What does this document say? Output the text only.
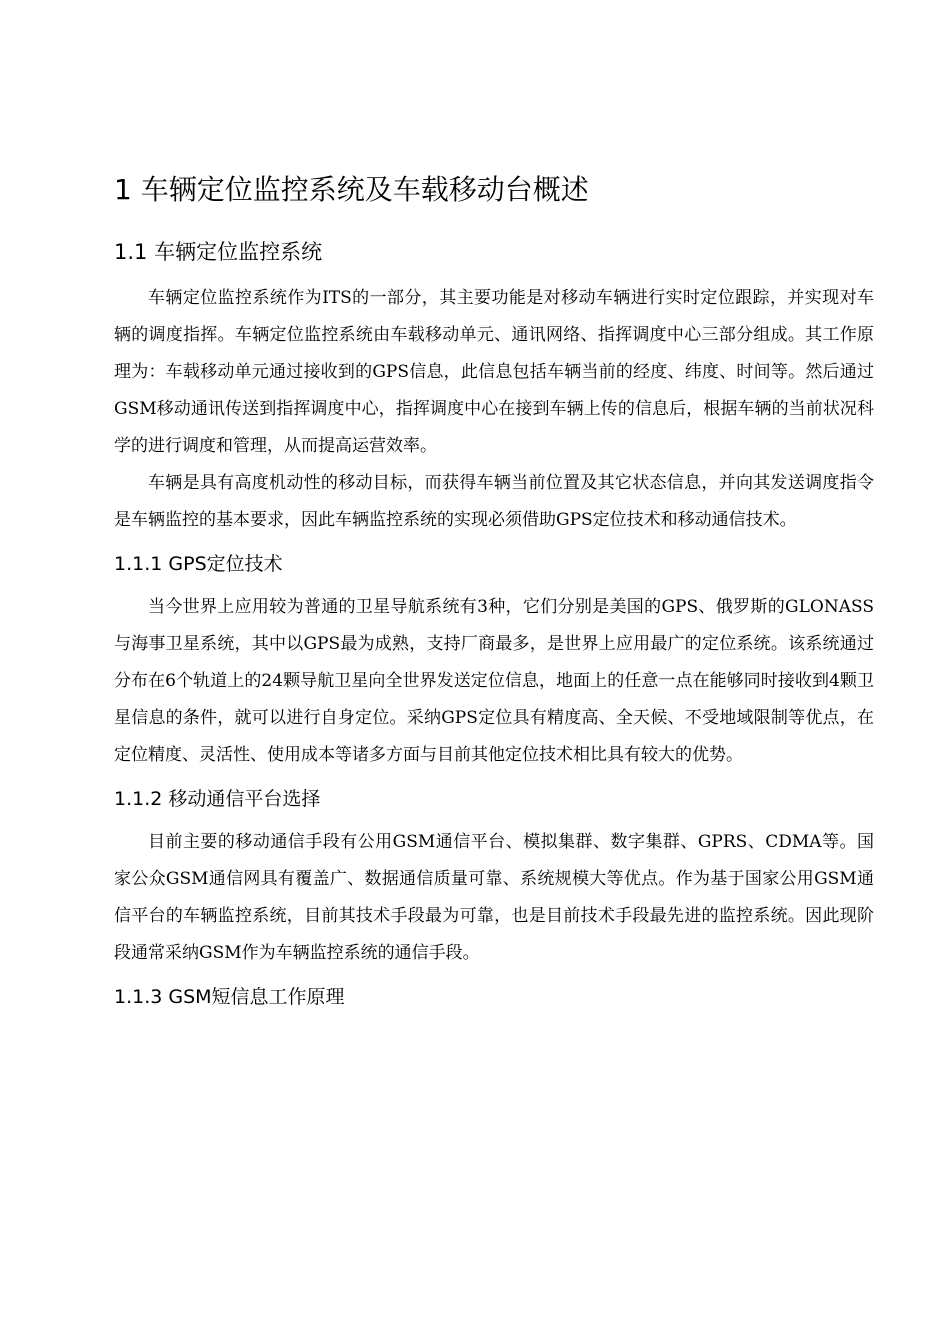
1 车辆定位监控系统及车载移动台概述
1.1 车辆定位监控系统

车辆定位监控系统作为ITS的一部分，其主要功能是对移动车辆进行实时定位跟踪，并实现对车辆的调度指挥。车辆定位监控系统由车载移动单元、通讯网络、指挥调度中心三部分组成。其工作原理为：车载移动单元通过接收到的GPS信息，此信息包括车辆当前的经度、纬度、时间等。然后通过GSM移动通讯传送到指挥调度中心，指挥调度中心在接到车辆上传的信息后，根据车辆的当前状况科学的进行调度和管理，从而提高运营效率。

车辆是具有高度机动性的移动目标，而获得车辆当前位置及其它状态信息，并向其发送调度指令是车辆监控的基本要求，因此车辆监控系统的实现必须借助GPS定位技术和移动通信技术。

1.1.1 GPS定位技术

当今世界上应用较为普通的卫星导航系统有3种，它们分别是美国的GPS、俄罗斯的GLONASS与海事卫星系统，其中以GPS最为成熟，支持厂商最多，是世界上应用最广的定位系统。该系统通过分布在6个轨道上的24颗导航卫星向全世界发送定位信息，地面上的任意一点在能够同时接收到4颗卫星信息的条件，就可以进行自身定位。采纳GPS定位具有精度高、全天候、不受地域限制等优点，在定位精度、灵活性、使用成本等诸多方面与目前其他定位技术相比具有较大的优势。

1.1.2 移动通信平台选择

目前主要的移动通信手段有公用GSM通信平台、模拟集群、数字集群、GPRS、CDMA等。国家公众GSM通信网具有覆盖广、数据通信质量可靠、系统规模大等优点。作为基于国家公用GSM通信平台的车辆监控系统，目前其技术手段最为可靠，也是目前技术手段最先进的监控系统。因此现阶段通常采纳GSM作为车辆监控系统的通信手段。

1.1.3 GSM短信息工作原理
